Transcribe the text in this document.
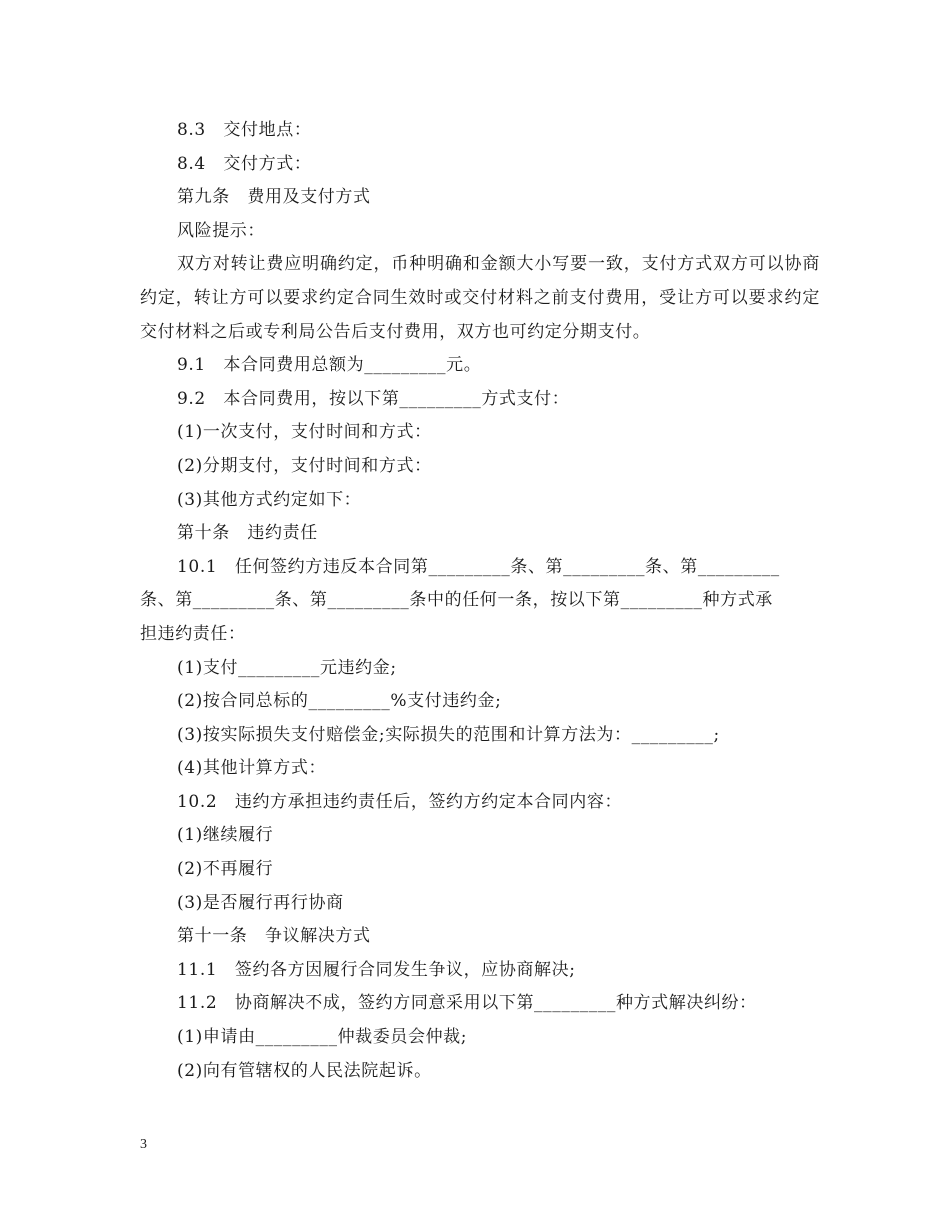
8.3　交付地点：

8.4　交付方式：

第九条　费用及支付方式

风险提示：

双方对转让费应明确约定，币种明确和金额大小写要一致，支付方式双方可以协商约定，转让方可以要求约定合同生效时或交付材料之前支付费用，受让方可以要求约定交付材料之后或专利局公告后支付费用，双方也可约定分期支付。

9.1　本合同费用总额为_________元。

9.2　本合同费用，按以下第_________方式支付：

(1)一次支付，支付时间和方式：

(2)分期支付，支付时间和方式：

(3)其他方式约定如下：

第十条　违约责任

10.1　任何签约方违反本合同第_________条、第_________条、第_________

条、第_________条、第_________条中的任何一条，按以下第_________种方式承

担违约责任：

(1)支付_________元违约金;

(2)按合同总标的_________%支付违约金;

(3)按实际损失支付赔偿金;实际损失的范围和计算方法为：_________;

(4)其他计算方式：

10.2　违约方承担违约责任后，签约方约定本合同内容：

(1)继续履行

(2)不再履行

(3)是否履行再行协商

第十一条　争议解决方式

11.1　签约各方因履行合同发生争议，应协商解决;

11.2　协商解决不成，签约方同意采用以下第_________种方式解决纠纷：

(1)申请由_________仲裁委员会仲裁;

(2)向有管辖权的人民法院起诉。

3
